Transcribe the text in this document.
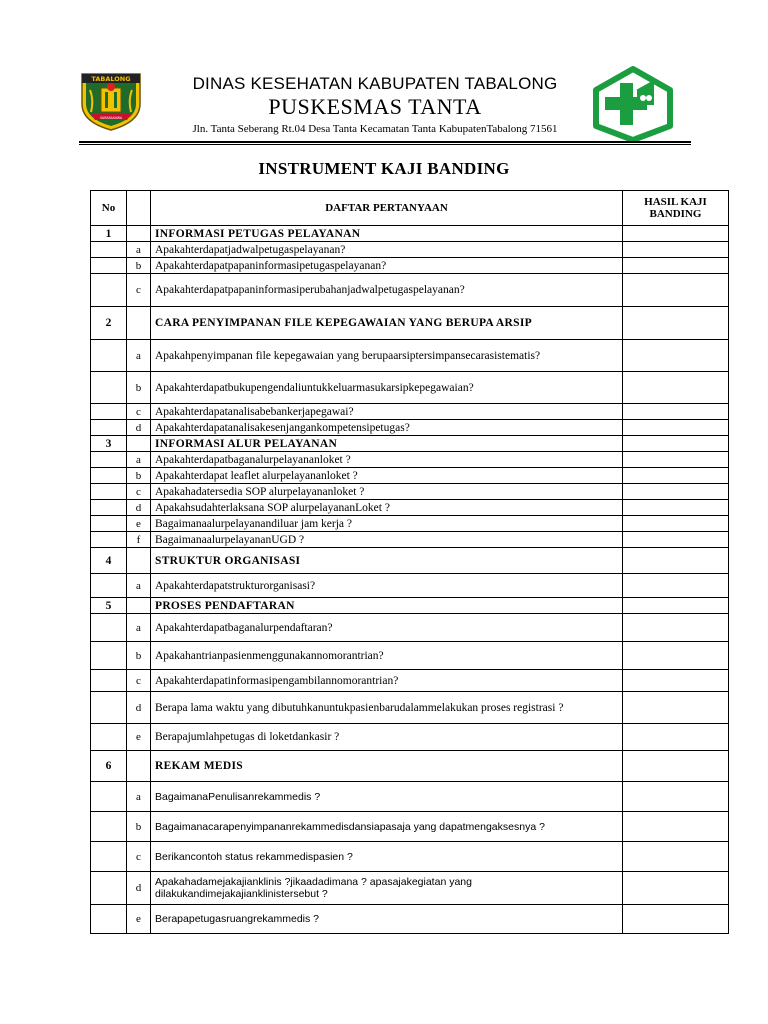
TABALONG
SARABAKAWA
DINAS KESEHATAN KABUPATEN TABALONG
PUSKESMAS TANTA
Jln. Tanta Seberang Rt.04 Desa Tanta Kecamatan Tanta KabupatenTabalong 71561
INSTRUMENT KAJI BANDING
No		DAFTAR PERTANYAAN	HASIL KAJI BANDING
1		INFORMASI PETUGAS PELAYANAN	
	a	Apakahterdapatjadwalpetugaspelayanan?	
	b	Apakahterdapatpapaninformasipetugaspelayanan?	
	c	Apakahterdapatpapaninformasiperubahanjadwalpetugaspelayanan?	
2		CARA PENYIMPANAN FILE KEPEGAWAIAN YANG BERUPA ARSIP	
	a	Apakahpenyimpanan file kepegawaian yang berupaarsiptersimpansecarasistematis?	
	b	Apakahterdapatbukupengendaliuntukkeluarmasukarsipkepegawaian?	
	c	Apakahterdapatanalisabebankerjapegawai?	
	d	Apakahterdapatanalisakesenjangankompetensipetugas?	
3		INFORMASI ALUR PELAYANAN	
	a	Apakahterdapatbaganalurpelayananloket ?	
	b	Apakahterdapat leaflet alurpelayananloket ?	
	c	Apakahadatersedia SOP alurpelayananloket ?	
	d	Apakahsudahterlaksana SOP alurpelayananLoket ?	
	e	Bagaimanaalurpelayanandiluar jam kerja ?	
	f	BagaimanaalurpelayananUGD ?	
4		STRUKTUR ORGANISASI	
	a	Apakahterdapatstrukturorganisasi?	
5		PROSES PENDAFTARAN	
	a	Apakahterdapatbaganalurpendaftaran?	
	b	Apakahantrianpasienmenggunakannomorantrian?	
	c	Apakahterdapatinformasipengambilannomorantrian?	
	d	Berapa lama waktu yang dibutuhkanuntukpasienbarudalammelakukan proses registrasi ?	
	e	Berapajumlahpetugas di loketdankasir ?	
6		REKAM MEDIS	
	a	BagaimanaPenulisanrekammedis ?	
	b	Bagaimanacarapenyimpananrekammedisdansiapasaja yang dapatmengaksesnya ?	
	c	Berikancontoh status rekammedispasien ?	
	d	Apakahadamejakajianklinis ?jikaadadimana ? apasajakegiatan yang dilakukandimejakajianklinistersebut ?	
	e	Berapapetugasruangrekammedis ?	
